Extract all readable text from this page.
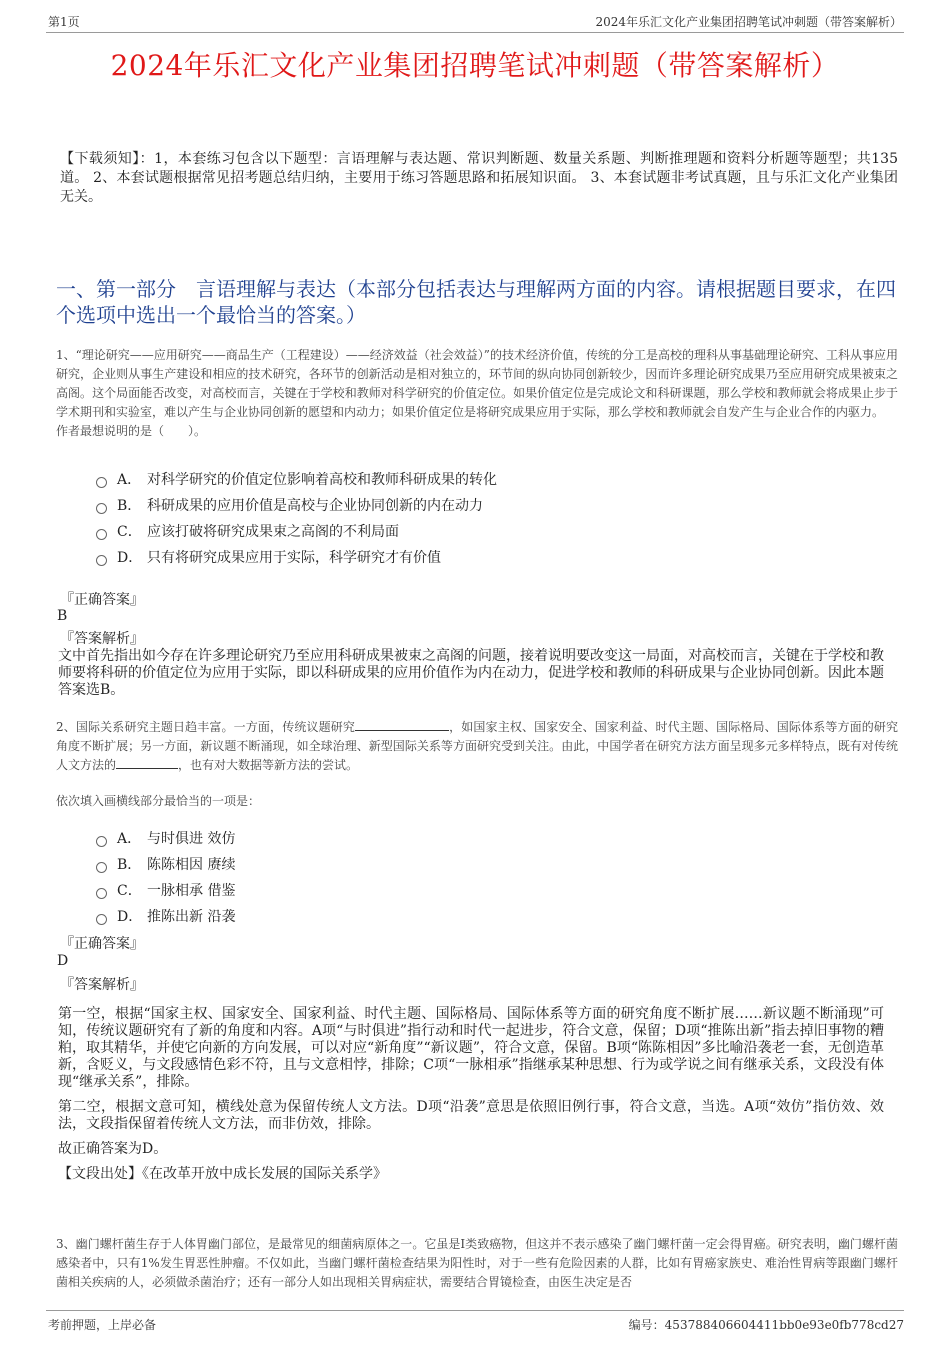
第1页	2024年乐汇文化产业集团招聘笔试冲刺题（带答案解析）
2024年乐汇文化产业集团招聘笔试冲刺题（带答案解析）
【下载须知】：1，本套练习包含以下题型：言语理解与表达题、常识判断题、数量关系题、判断推理题和资料分析题等题型；共135道。 2、本套试题根据常见招考题总结归纳，主要用于练习答题思路和拓展知识面。 3、本套试题非考试真题，且与乐汇文化产业集团无关。
一、第一部分　言语理解与表达（本部分包括表达与理解两方面的内容。请根据题目要求，在四个选项中选出一个最恰当的答案。）
1、“理论研究——应用研究——商品生产（工程建设）——经济效益（社会效益）”的技术经济价值，传统的分工是高校的理科从事基础理论研究、工科从事应用研究，企业则从事生产建设和相应的技术研究，各环节的创新活动是相对独立的，环节间的纵向协同创新较少，因而许多理论研究成果乃至应用研究成果被束之高阁。这个局面能否改变，对高校而言，关键在于学校和教师对科学研究的价值定位。如果价值定位是完成论文和科研课题，那么学校和教师就会将成果止步于学术期刊和实验室，难以产生与企业协同创新的愿望和内动力；如果价值定位是将研究成果应用于实际，那么学校和教师就会自发产生与企业合作的内驱力。
作者最想说明的是（　　）。
A． 对科学研究的价值定位影响着高校和教师科研成果的转化
B． 科研成果的应用价值是高校与企业协同创新的内在动力
C． 应该打破将研究成果束之高阁的不利局面
D． 只有将研究成果应用于实际，科学研究才有价值
『正确答案』
B
『答案解析』
文中首先指出如今存在许多理论研究乃至应用科研成果被束之高阁的问题，接着说明要改变这一局面，对高校而言，关键在于学校和教师要将科研的价值定位为应用于实际，即以科研成果的应用价值作为内在动力，促进学校和教师的科研成果与企业协同创新。因此本题答案选B。
2、国际关系研究主题日趋丰富。一方面，传统议题研究	，如国家主权、国家安全、国家利益、时代主题、国际格局、国际体系等方面的研究角度不断扩展；另一方面，新议题不断涌现，如全球治理、新型国际关系等方面研究受到关注。由此，中国学者在研究方法方面呈现多元多样特点，既有对传统人文方法的	，也有对大数据等新方法的尝试。
依次填入画横线部分最恰当的一项是：
A． 与时俱进 效仿
B． 陈陈相因 赓续
C． 一脉相承 借鉴
D． 推陈出新 沿袭
『正确答案』
D
『答案解析』

第一空，根据“国家主权、国家安全、国家利益、时代主题、国际格局、国际体系等方面的研究角度不断扩展……新议题不断涌现”可知，传统议题研究有了新的角度和内容。A项“与时俱进”指行动和时代一起进步，符合文意，保留；D项“推陈出新”指去掉旧事物的糟粕，取其精华，并使它向新的方向发展，可以对应“新角度”“新议题”，符合文意，保留。B项“陈陈相因”多比喻沿袭老一套，无创造革新，含贬义，与文段感情色彩不符，且与文意相悖，排除；C项“一脉相承”指继承某种思想、行为或学说之间有继承关系，文段没有体现“继承关系”，排除。

第二空，根据文意可知，横线处意为保留传统人文方法。D项“沿袭”意思是依照旧例行事，符合文意，当选。A项“效仿”指仿效、效法，文段指保留着传统人文方法，而非仿效，排除。

故正确答案为D。

【文段出处】《在改革开放中成长发展的国际关系学》

3、幽门螺杆菌生存于人体胃幽门部位，是最常见的细菌病原体之一。它虽是I类致癌物，但这并不表示感染了幽门螺杆菌一定会得胃癌。研究表明，幽门螺杆菌感染者中，只有1%发生胃恶性肿瘤。不仅如此，当幽门螺杆菌检查结果为阳性时，对于一些有危险因素的人群，比如有胃癌家族史、难治性胃病等跟幽门螺杆菌相关疾病的人，必须做杀菌治疗；还有一部分人如出现相关胃病症状，需要结合胃镜检查，由医生决定是否
考前押题，上岸必备	编号：453788406604411bb0e93e0fb778cd27
